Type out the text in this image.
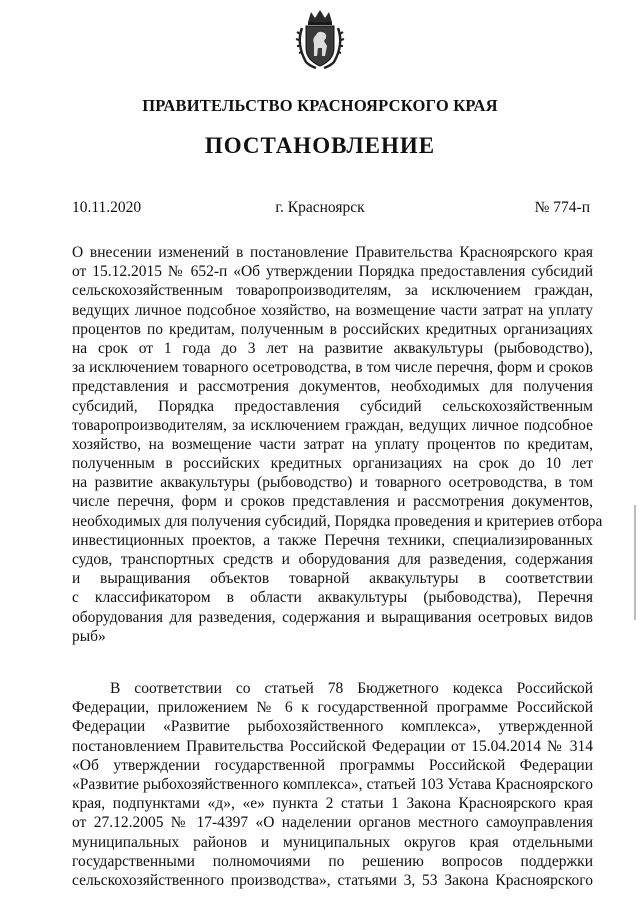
ПРАВИТЕЛЬСТВО КРАСНОЯРСКОГО КРАЯ
ПОСТАНОВЛЕНИЕ
г. Красноярск
10.11.2020	№ 774-п

О внесении изменений в постановление Правительства Красноярского края
от 15.12.2015 № 652-п «Об утверждении Порядка предоставления субсидий
сельскохозяйственным товаропроизводителям, за исключением граждан,
ведущих личное подсобное хозяйство, на возмещение части затрат на уплату
процентов по кредитам, полученным в российских кредитных организациях
на срок от 1 года до 3 лет на развитие аквакультуры (рыбоводство),
за исключением товарного осетроводства, в том числе перечня, форм и сроков
представления и рассмотрения документов, необходимых для получения
субсидий, Порядка предоставления субсидий сельскохозяйственным
товаропроизводителям, за исключением граждан, ведущих личное подсобное
хозяйство, на возмещение части затрат на уплату процентов по кредитам,
полученным в российских кредитных организациях на срок до 10 лет
на развитие аквакультуры (рыбоводство) и товарного осетроводства, в том
числе перечня, форм и сроков представления и рассмотрения документов,
необходимых для получения субсидий, Порядка проведения и критериев отбора
инвестиционных проектов, а также Перечня техники, специализированных
судов, транспортных средств и оборудования для разведения, содержания
и выращивания объектов товарной аквакультуры в соответствии
с классификатором в области аквакультуры (рыбоводства), Перечня
оборудования для разведения, содержания и выращивания осетровых видов
рыб»

В соответствии со статьей 78 Бюджетного кодекса Российской
Федерации, приложением № 6 к государственной программе Российской
Федерации «Развитие рыбохозяйственного комплекса», утвержденной
постановлением Правительства Российской Федерации от 15.04.2014 № 314
«Об утверждении государственной программы Российской Федерации
«Развитие рыбохозяйственного комплекса», статьей 103 Устава Красноярского
края, подпунктами «д», «е» пункта 2 статьи 1 Закона Красноярского края
от 27.12.2005 № 17-4397 «О наделении органов местного самоуправления
муниципальных районов и муниципальных округов края отдельными
государственными полномочиями по решению вопросов поддержки
сельскохозяйственного производства», статьями 3, 53 Закона Красноярского
